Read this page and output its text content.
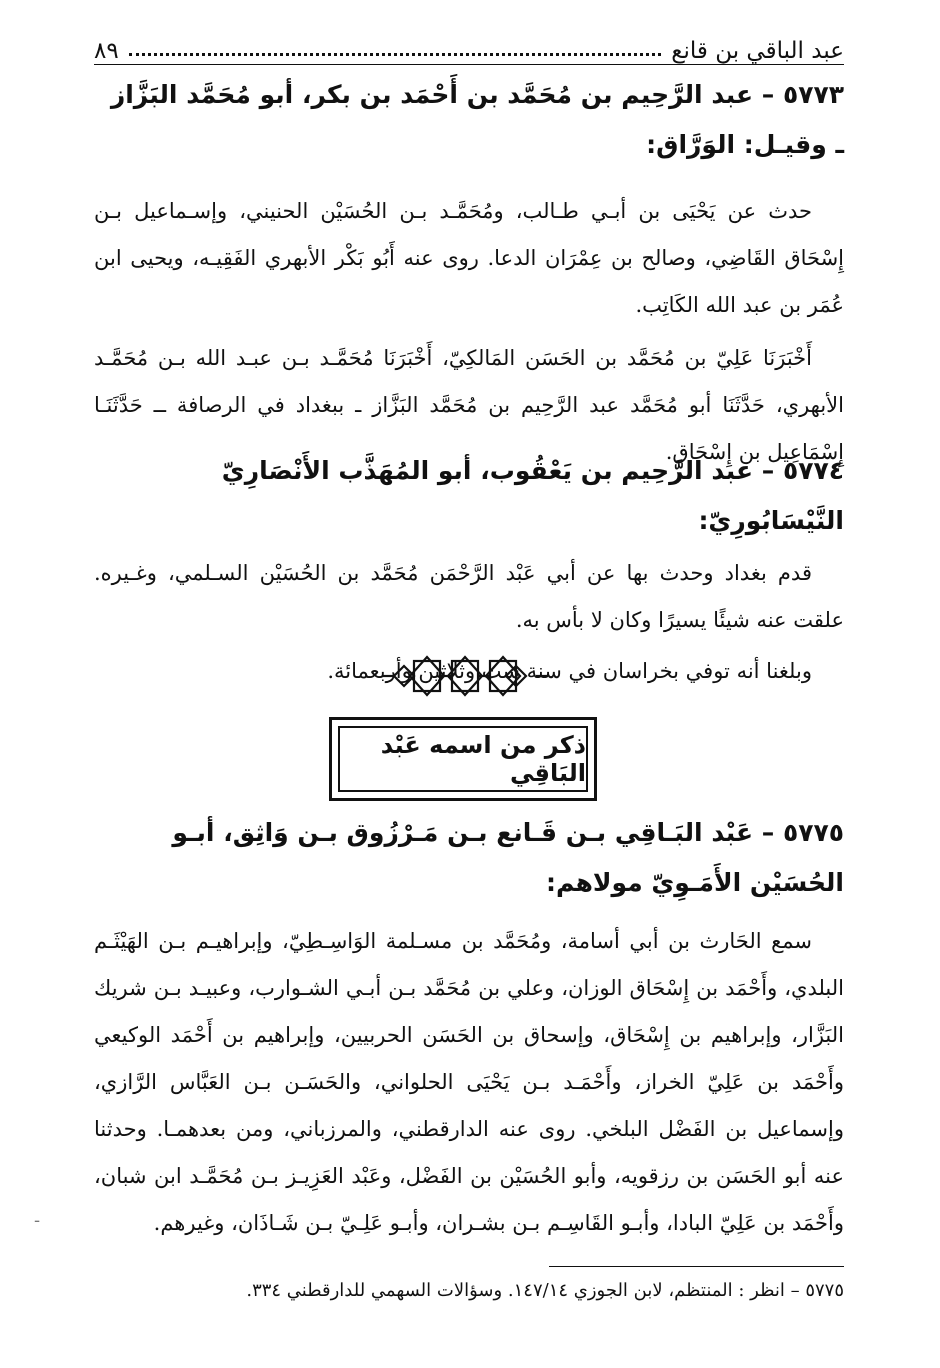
عبد الباقي بن قانع
٨٩

٥٧٧٣ – عبد الرَّحِيم بن مُحَمَّد بن أَحْمَد بن بكر، أبو مُحَمَّد البَزَّاز ـ وقيـل: الوَرَّاق:

حدث عن يَحْيَى بن أبـي طـالب، ومُحَمَّـد بـن الحُسَيْن الحنيني، وإسـماعيل بـن إِسْحَاق القَاضِي، وصالح بن عِمْرَان الدعا. روى عنه أَبُو بَكْر الأبهري الفَقِيـه، ويحيى ابن عُمَر بن عبد الله الكَاتِب.

أَخْبَرَنَا عَلِيّ بن مُحَمَّد بن الحَسَن المَالكِيّ، أَخْبَرَنَا مُحَمَّـد بـن عبـد الله بـن مُحَمَّـد الأبهري، حَدَّثَنَا أبو مُحَمَّد عبد الرَّحِيم بن مُحَمَّد البَزَّاز ـ ببغداد في الرصافة ــ حَدَّثَنَـا إِسْمَاعِيل بن إِسْحَاق.

٥٧٧٤ – عبد الرَّحِيم بن يَعْقُوب، أبو المُهَذَّب الأَنْصَارِيّ النَّيْسَابُورِيّ:

قدم بغداد وحدث بها عن أبي عَبْد الرَّحْمَن مُحَمَّد بن الحُسَيْن السـلمي، وغـيره. علقت عنه شيئًا يسيرًا وكان لا بأس به.

وبلغنا أنه توفي بخراسان في سنة ست وثلاثين وأربعمائة.

ذكر من اسمه عَبْد البَاقِي

٥٧٧٥ – عَبْد البَـاقِي بـن قَـانع بـن مَـرْزُوق بـن وَاثِق، أبـو الحُسَيْن الأَمَـوِيّ مولاهم:

سمع الحَارث بن أبي أسامة، ومُحَمَّد بن مسـلمة الوَاسِـطِيّ، وإبراهيـم بـن الهَيْثَـم البلدي، وأَحْمَد بن إِسْحَاق الوزان، وعلي بن مُحَمَّد بـن أبـي الشـوارب، وعبيـد بـن شريك البَزَّار، وإبراهيم بن إِسْحَاق، وإسحاق بن الحَسَن الحربيين، وإبراهيم بن أَحْمَد الوكيعي وأَحْمَد بن عَلِيّ الخراز، وأَحْمَـد بـن يَحْيَى الحلواني، والحَسَـن بـن العَبَّاس الرَّازي، وإسماعيل بن الفَضْل البلخي. روى عنه الدارقطني، والمرزباني، ومن بعدهمـا. وحدثنا عنه أبو الحَسَن بن رزقويه، وأبو الحُسَيْن بن الفَضْل، وعَبْد العَزِيـز بـن مُحَمَّـد ابن شبان، وأَحْمَد بن عَلِيّ البادا، وأبـو القَاسِـم بـن بشـران، وأبـو عَلِـيّ بـن شَـاذَان، وغيرهم.

-
٥٧٧٥ – انظر : المنتظم، لابن الجوزي ١٤٧/١٤. وسؤالات السهمي للدارقطني ٣٣٤.
